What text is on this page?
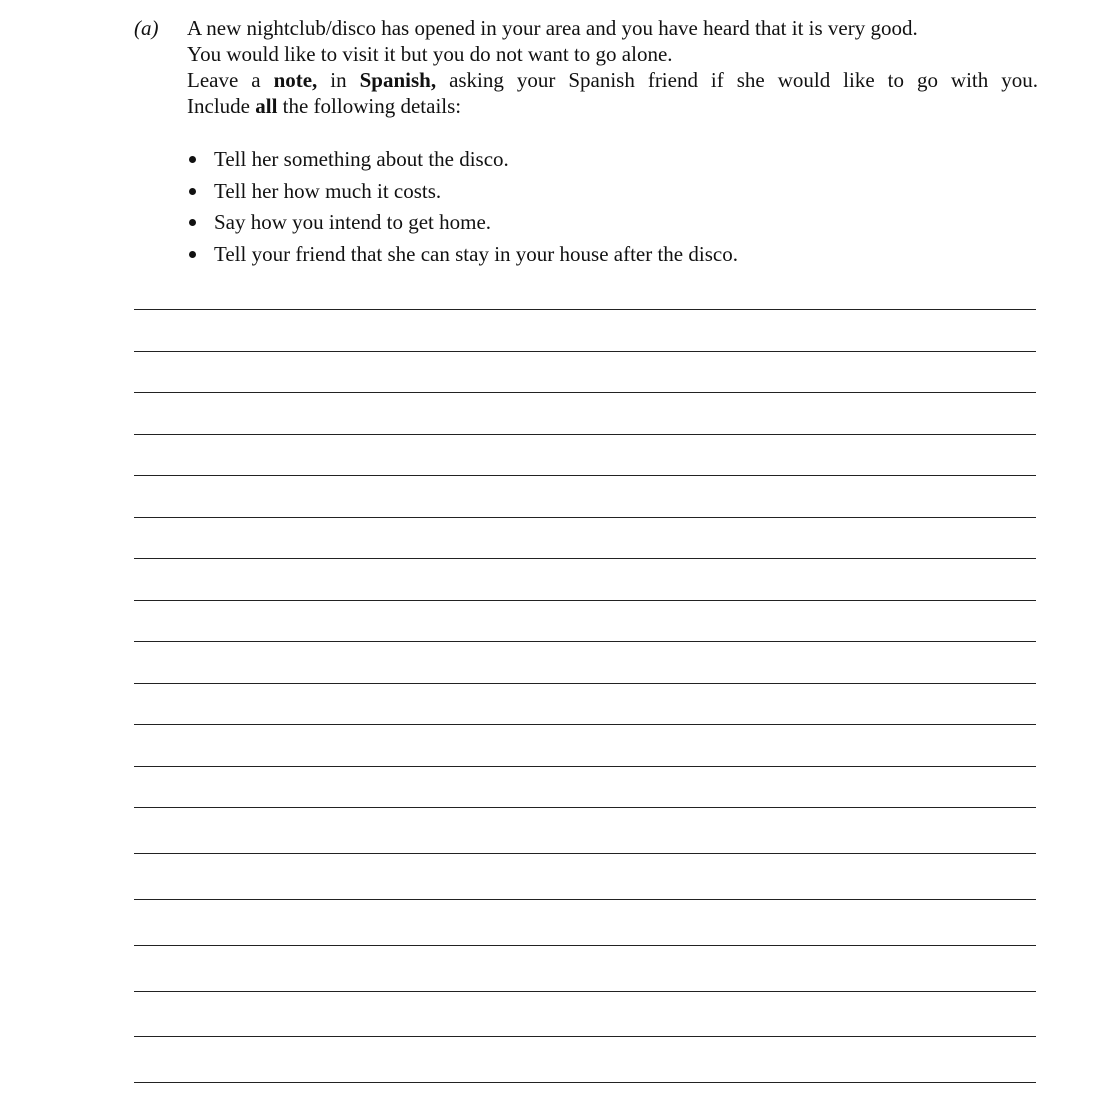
(a) A new nightclub/disco has opened in your area and you have heard that it is very good.
You would like to visit it but you do not want to go alone.
Leave a note, in Spanish, asking your Spanish friend if she would like to go with you.
Include all the following details:
Tell her something about the disco.
Tell her how much it costs.
Say how you intend to get home.
Tell your friend that she can stay in your house after the disco.
